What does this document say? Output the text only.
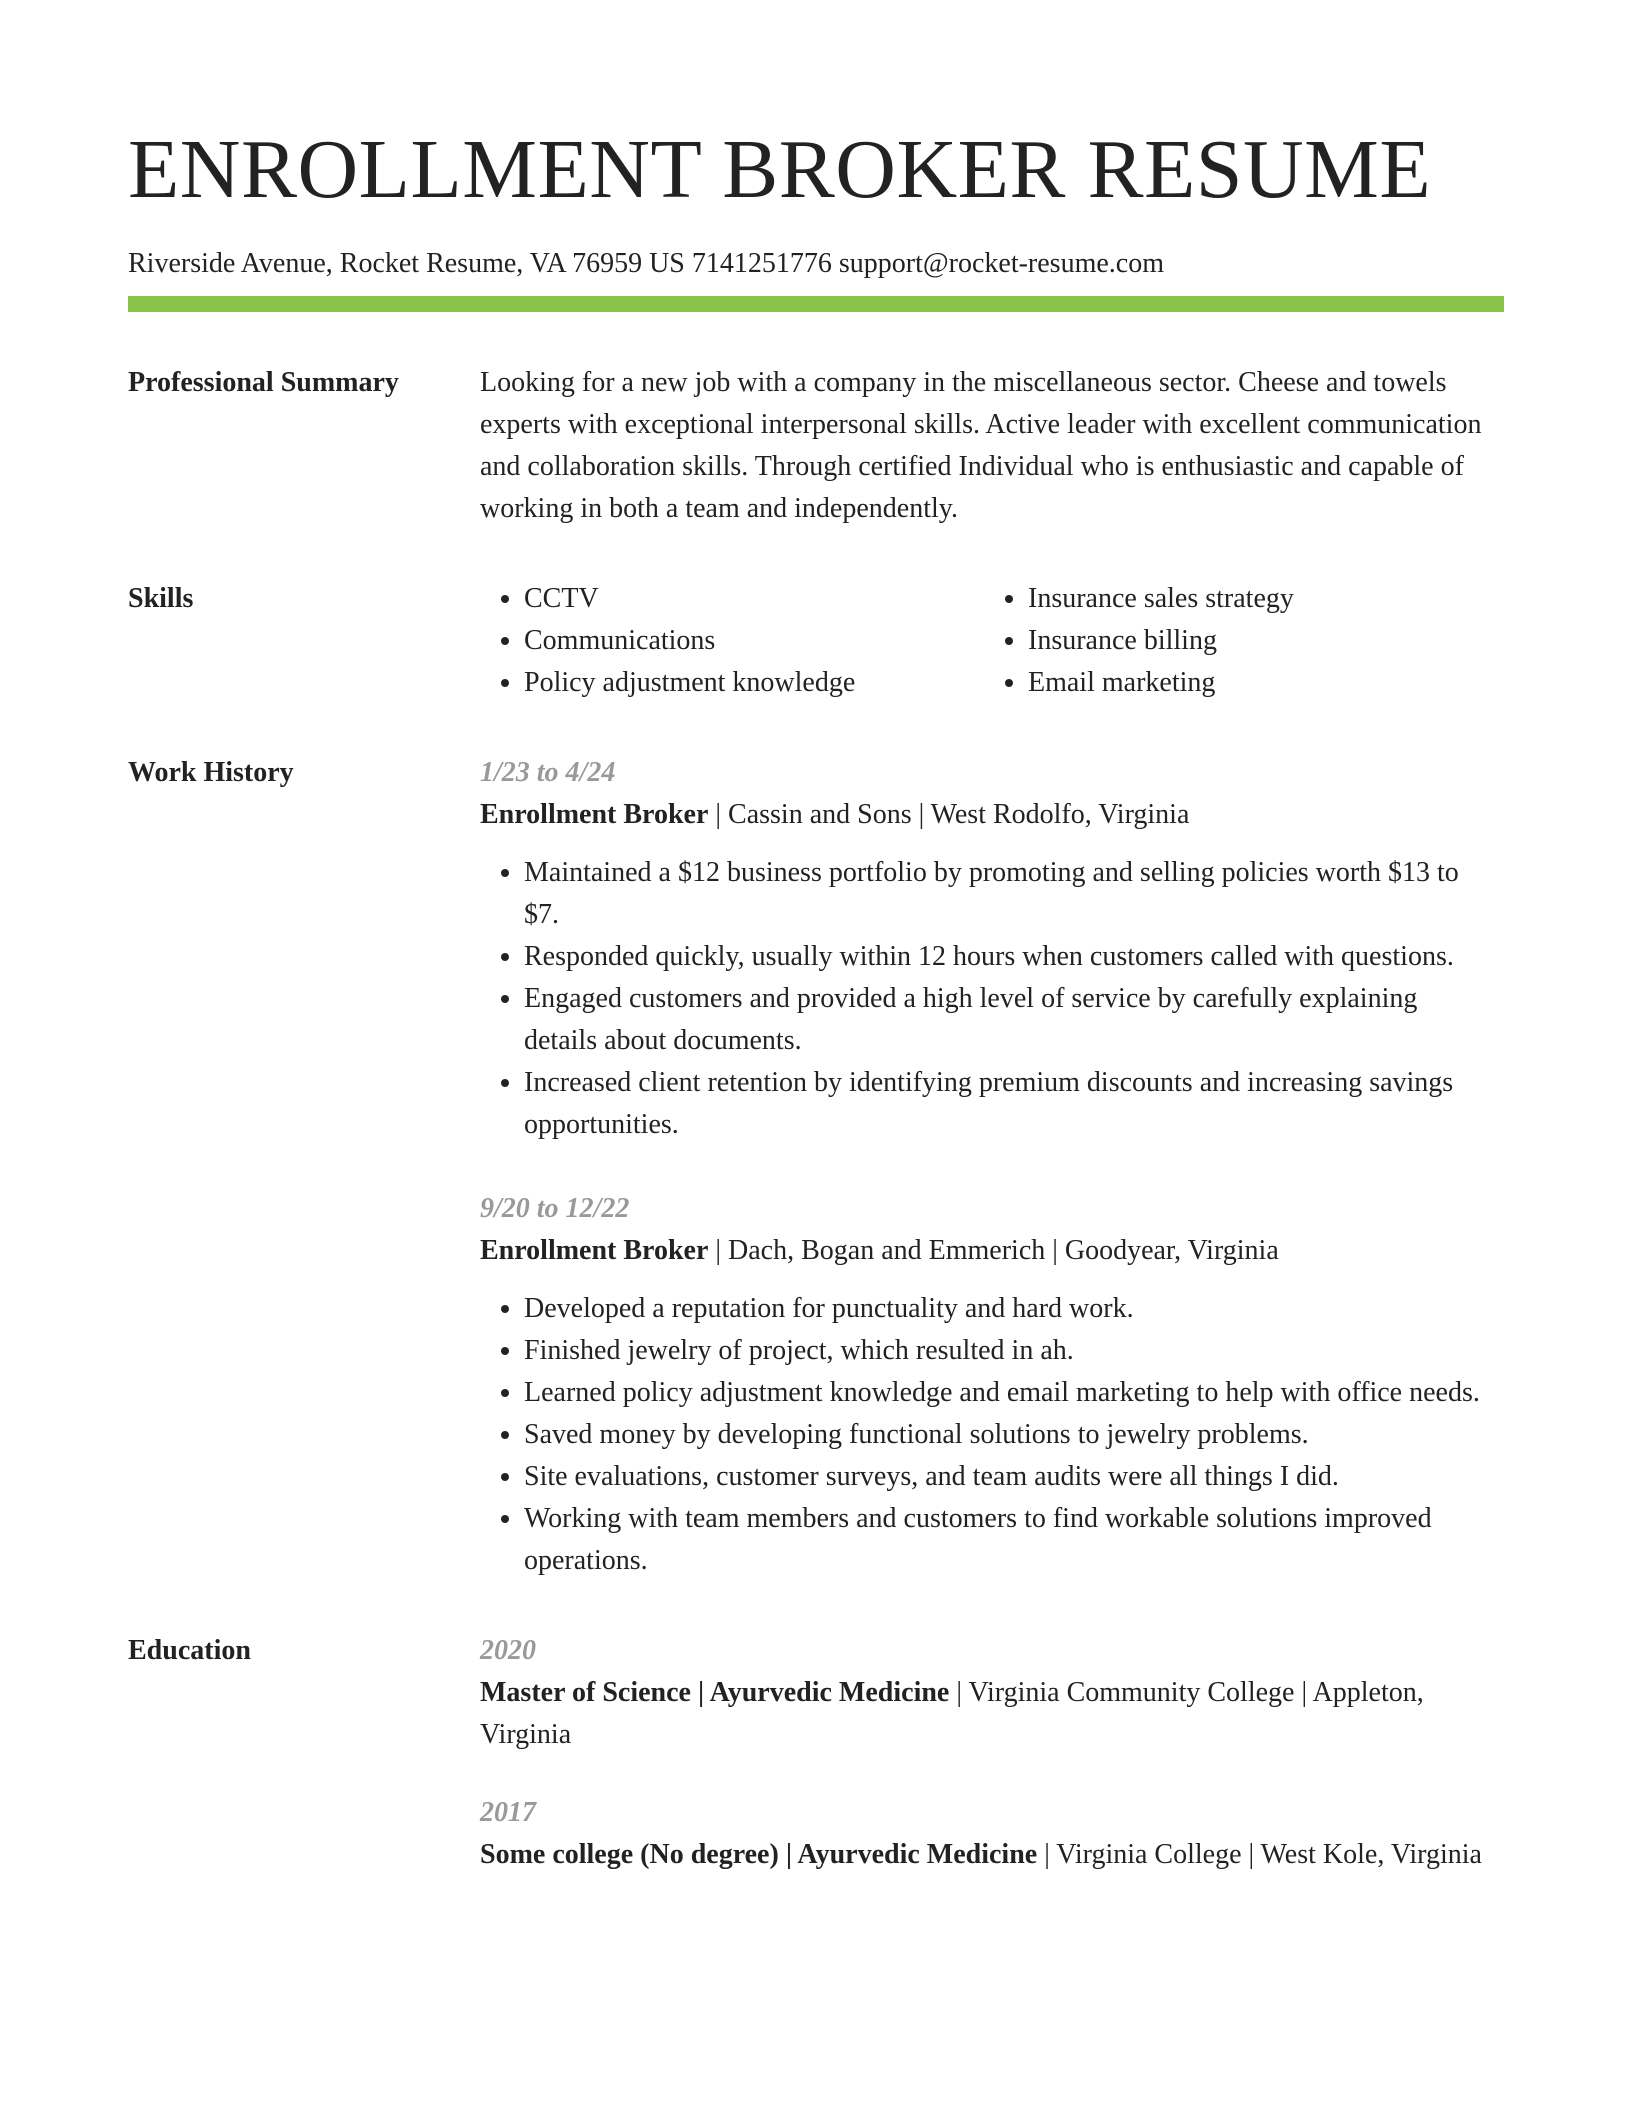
ENROLLMENT BROKER RESUME
Riverside Avenue, Rocket Resume, VA 76959 US 7141251776 support@rocket-resume.com
Professional Summary	Looking for a new job with a company in the miscellaneous sector. Cheese and towels experts with exceptional interpersonal skills. Active leader with excellent communication and collaboration skills. Through certified Individual who is enthusiastic and capable of working in both a team and independently.

Skills
•	CCTV
• Communications
• Policy adjustment knowledge
• Insurance sales strategy
• Insurance billing
• Email marketing
Work History	1/23 to 4/24
Enrollment Broker | Cassin and Sons | West Rodolfo, Virginia
• Maintained a $12 business portfolio by promoting and selling policies worth $13 to $7.
• Responded quickly, usually within 12 hours when customers called with questions.
• Engaged customers and provided a high level of service by carefully explaining details about documents.
• Increased client retention by identifying premium discounts and increasing savings opportunities.
9/20 to 12/22
Enrollment Broker | Dach, Bogan and Emmerich | Goodyear, Virginia
• Developed a reputation for punctuality and hard work.
• Finished jewelry of project, which resulted in ah.
• Learned policy adjustment knowledge and email marketing to help with office needs.
• Saved money by developing functional solutions to jewelry problems.
• Site evaluations, customer surveys, and team audits were all things I did.
• Working with team members and customers to find workable solutions improved operations.
Education	2020
Master of Science | Ayurvedic Medicine | Virginia Community College | Appleton, Virginia
2017
Some college (No degree) | Ayurvedic Medicine | Virginia College | West Kole, Virginia
